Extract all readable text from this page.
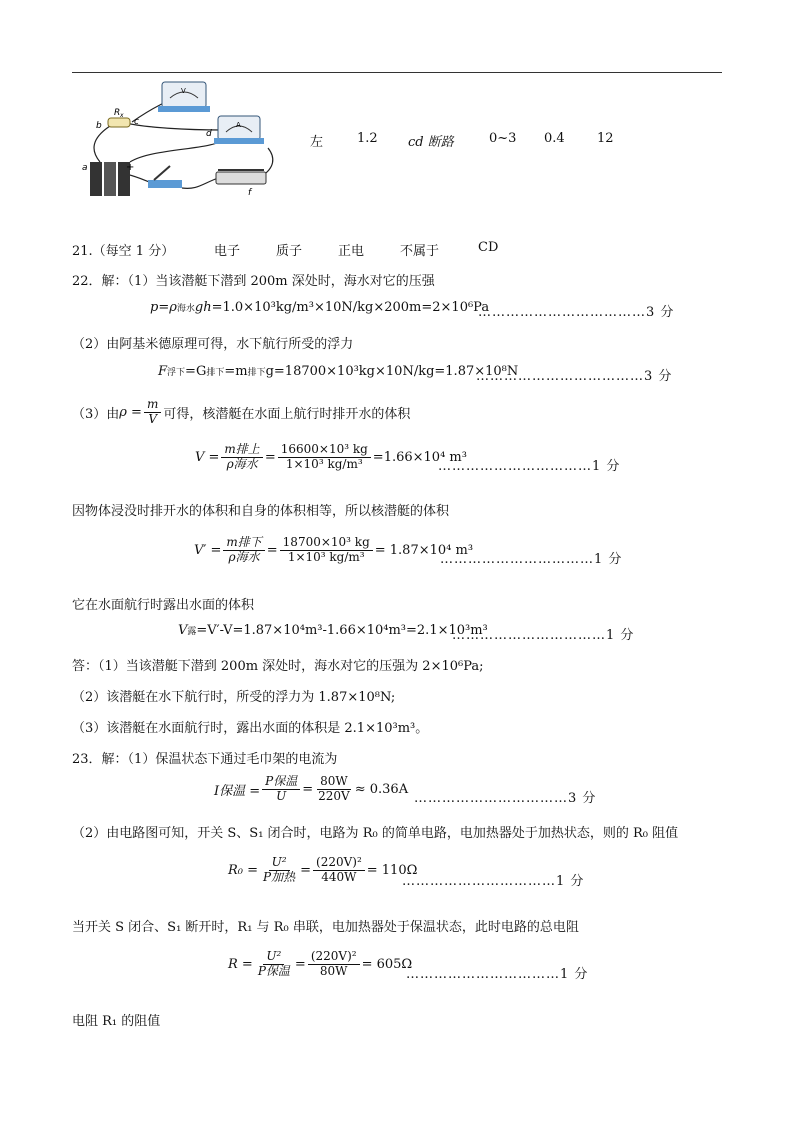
R x
b	c
d
a
f
+
V
A
左	1.2 cd 断路	0~3 0.4 12
21.（每空 1 分）	电子	质子	正电	不属于	CD
22．解：（1）当该潜艇下潜到 200m 深处时，海水对它的压强
p = ρ 海水 gh =1.0×10³kg/m³×10N/kg×200m=2×10⁶Pa
………………………………3 分
（2）由阿基米德原理可得，水下航行所受的浮力
F 浮下 =G 排下 =m 排下 g=18700×10³kg×10N/kg=1.87×10⁸N
………………………………3 分
（3）由 $\rho = \frac{m}{V}$ 可得，核潜艇在水面上航行时排开水的体积
$V = \frac{\text{m排上}}{\text{ρ海水}} = \frac{\text{16600×10³ kg}}{\text{1×10³ kg/m³}} =1.66\times 10^4$ m³
……………………………1 分
因物体浸没时排开水的体积和自身的体积相等，所以核潜艇的体积
$V' = \frac{\text{m排下}}{\text{ρ海水}} = \frac{\text{18700×10³ kg}}{\text{1×10³ kg/m³}} = 1.87\times 10^4$ m³
……………………………1 分
它在水面航行时露出水面的体积
V 露 =V′-V=1.87×10⁴m³-1.66×10⁴m³=2.1×10³m³
……………………………1 分
答：（1）当该潜艇下潜到 200m 深处时，海水对它的压强为 2×10⁶Pa;
（2）该潜艇在水下航行时，所受的浮力为 1.87×10⁸N;
（3）该潜艇在水面航行时，露出水面的体积是 2.1×10³m³。
23．解：（1）保温状态下通过毛巾架的电流为
I保温 = $\frac{\text{P保温}}{U} = \frac{80W}{220V} \approx 0.36A$
……………………………3 分
（2）由电路图可知，开关 S、S₁ 闭合时，电路为 R₀ 的简单电路，电加热器处于加热状态，则的 R₀ 阻值
$R_0 = \frac{\text{U²}}{\text{P加热}} = \frac{\text{(220V)²}}{440W} = 110\Omega$
……………………………1 分
当开关 S 闭合、S₁ 断开时，R₁ 与 R₀ 串联，电加热器处于保温状态，此时电路的总电阻
$R = \frac{\text{U²}}{\text{P保温}} = \frac{\text{(220V)²}}{80W} = 605\Omega$
……………………………1 分
电阻 R₁ 的阻值
